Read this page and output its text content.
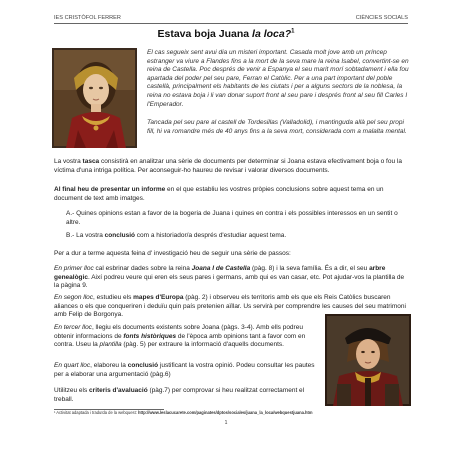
IES CRISTÒFOL FERRER	CIÈNCIES SOCIALS
Estava boja Juana la loca?$^1$
El cas segueix sent avui dia un misteri important. Casada molt jove amb un príncep estranger va viure a Flandes fins a la mort de la seva mare la reina Isabel, convertint-se en reina de Castella. Poc després de venir a Espanya el seu marit morí sobtadament i ella fou apartada del poder pel seu pare, Ferran el Catòlic. Per a una part important del poble castellà, principalment els habitants de les ciutats i per a alguns sectors de la noblesa, la reina no estava boja i li van donar suport front al seu pare i després front al seu fill Carles I l'Emperador.
Tancada pel seu pare al castell de Tordesillas (Valladolid), i mantinguda allà pel seu propi fill, hi va romandre més de 40 anys fins a la seva mort, considerada com a malalta mental.
La vostra tasca consistirà en analitzar una sèrie de documents per determinar si Joana estava efectivament boja o fou la víctima d'una intriga política. Per aconseguir-ho haureu de revisar i valorar diversos documents.
Al final heu de presentar un informe en el que establiu les vostres pròpies conclusions sobre aquest tema en un document de text amb imatges.
A.- Quines opinions estan a favor de la bogeria de Juana i quines en contra i els possibles interessos en un sentit o altre.
B.- La vostra conclusió com a historiador/a després d'estudiar aquest tema.
Per a dur a terme aquesta feina d' investigació heu de seguir una sèrie de passos:
En primer lloc cal esbrinar dades sobre la reina Joana I de Castella (pàg. 8) i la seva família. És a dir, el seu arbre genealògic. Així podreu veure qui eren els seus pares i germans, amb qui es van casar, etc. Pot ajudar-vos la plantilla de la pàgina 9.
En segon lloc, estudieu els mapes d'Europa (pàg. 2) i observeu els territoris amb els que els Reis Catòlics buscaren aliances o els que conqueriren i deduïu quin país pretenien aïllar. Us servirà per comprendre les causes del seu matrimoni amb Felip de Borgonya.
En tercer lloc, llegiu els documents existents sobre Joana (pàgs. 3-4). Amb ells podreu obtenir informacions de fonts històriques de l'època amb opinions tant a favor com en contra. Useu la plantilla (pàg. 5) per extraure la informació d'aquells documents.
En quart lloc, elaboreu la conclusió justificant la vostra opinió. Podeu consultar les pautes per a elaborar una argumentació (pàg.6)
Utilitzeu els criteris d'avaluació (pàg.7) per comprovar si heu realitzat correctament el treball.
¹ Activitat adaptada i traduïda de la webquest: http://www.leslacucarete.com/paginates/dptos/sociales/juana_la_loca/webquestjuana.htm
1
